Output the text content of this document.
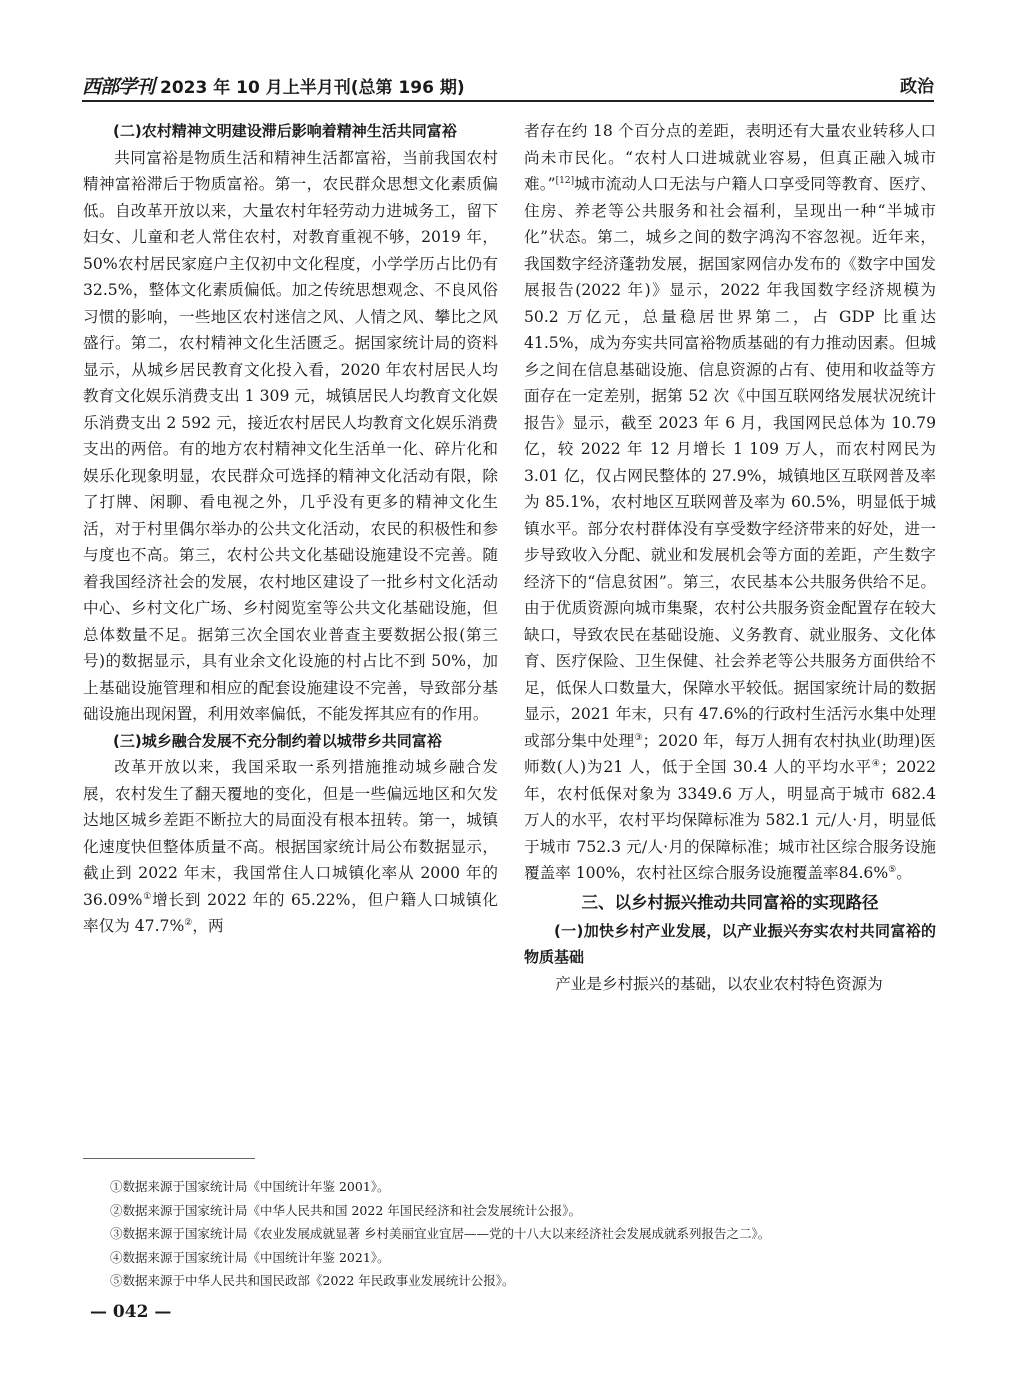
西部学刊 2023 年 10 月上半月刊(总第 196 期)	政治
(二)农村精神文明建设滞后影响着精神生活共同富裕

共同富裕是物质生活和精神生活都富裕，当前我国农村精神富裕滞后于物质富裕。第一，农民群众思想文化素质偏低。自改革开放以来，大量农村年轻劳动力进城务工，留下妇女、儿童和老人常住农村，对教育重视不够，2019 年，50%农村居民家庭户主仅初中文化程度，小学学历占比仍有 32.5%，整体文化素质偏低。加之传统思想观念、不良风俗习惯的影响，一些地区农村迷信之风、人情之风、攀比之风盛行。第二，农村精神文化生活匮乏。据国家统计局的资料显示，从城乡居民教育文化投入看，2020 年农村居民人均教育文化娱乐消费支出 1 309 元，城镇居民人均教育文化娱乐消费支出 2 592 元，接近农村居民人均教育文化娱乐消费支出的两倍。有的地方农村精神文化生活单一化、碎片化和娱乐化现象明显，农民群众可选择的精神文化活动有限，除了打牌、闲聊、看电视之外，几乎没有更多的精神文化生活，对于村里偶尔举办的公共文化活动，农民的积极性和参与度也不高。第三，农村公共文化基础设施建设不完善。随着我国经济社会的发展，农村地区建设了一批乡村文化活动中心、乡村文化广场、乡村阅览室等公共文化基础设施，但总体数量不足。据第三次全国农业普查主要数据公报(第三号)的数据显示，具有业余文化设施的村占比不到 50%，加上基础设施管理和相应的配套设施建设不完善，导致部分基础设施出现闲置，利用效率偏低，不能发挥其应有的作用。

(三)城乡融合发展不充分制约着以城带乡共同富裕

改革开放以来，我国采取一系列措施推动城乡融合发展，农村发生了翻天覆地的变化，但是一些偏远地区和欠发达地区城乡差距不断拉大的局面没有根本扭转。第一，城镇化速度快但整体质量不高。根据国家统计局公布数据显示，截止到 2022 年末，我国常住人口城镇化率从 2000 年的 36.09%①增长到 2022 年的 65.22%，但户籍人口城镇化率仅为 47.7%②，两

者存在约 18 个百分点的差距，表明还有大量农业转移人口尚未市民化。“农村人口进城就业容易，但真正融入城市难。”[12]城市流动人口无法与户籍人口享受同等教育、医疗、住房、养老等公共服务和社会福利，呈现出一种“半城市化”状态。第二，城乡之间的数字鸿沟不容忽视。近年来，我国数字经济蓬勃发展，据国家网信办发布的《数字中国发展报告(2022 年)》显示，2022 年我国数字经济规模为 50.2 万亿元，总量稳居世界第二，占 GDP 比重达 41.5%，成为夯实共同富裕物质基础的有力推动因素。但城乡之间在信息基础设施、信息资源的占有、使用和收益等方面存在一定差别，据第 52 次《中国互联网络发展状况统计报告》显示，截至 2023 年 6 月，我国网民总体为 10.79 亿，较 2022 年 12 月增长 1 109 万人，而农村网民为 3.01 亿，仅占网民整体的 27.9%，城镇地区互联网普及率为 85.1%，农村地区互联网普及率为 60.5%，明显低于城镇水平。部分农村群体没有享受数字经济带来的好处，进一步导致收入分配、就业和发展机会等方面的差距，产生数字经济下的“信息贫困”。第三，农民基本公共服务供给不足。由于优质资源向城市集聚，农村公共服务资金配置存在较大缺口，导致农民在基础设施、义务教育、就业服务、文化体育、医疗保险、卫生保健、社会养老等公共服务方面供给不足，低保人口数量大，保障水平较低。据国家统计局的数据显示，2021 年末，只有 47.6%的行政村生活污水集中处理或部分集中处理③；2020 年，每万人拥有农村执业(助理)医师数(人)为21 人，低于全国 30.4 人的平均水平④；2022 年，农村低保对象为 3349.6 万人，明显高于城市 682.4 万人的水平，农村平均保障标准为 582.1 元/人·月，明显低于城市 752.3 元/人·月的保障标准；城市社区综合服务设施覆盖率 100%，农村社区综合服务设施覆盖率84.6%⑤。

三、以乡村振兴推动共同富裕的实现路径
(一)加快乡村产业发展，以产业振兴夯实农村共同富裕的物质基础

产业是乡村振兴的基础，以农业农村特色资源为

①数据来源于国家统计局《中国统计年鉴 2001》。
②数据来源于国家统计局《中华人民共和国 2022 年国民经济和社会发展统计公报》。
③数据来源于国家统计局《农业发展成就显著 乡村美丽宜业宜居——党的十八大以来经济社会发展成就系列报告之二》。
④数据来源于国家统计局《中国统计年鉴 2021》。
⑤数据来源于中华人民共和国民政部《2022 年民政事业发展统计公报》。
— 042 —
